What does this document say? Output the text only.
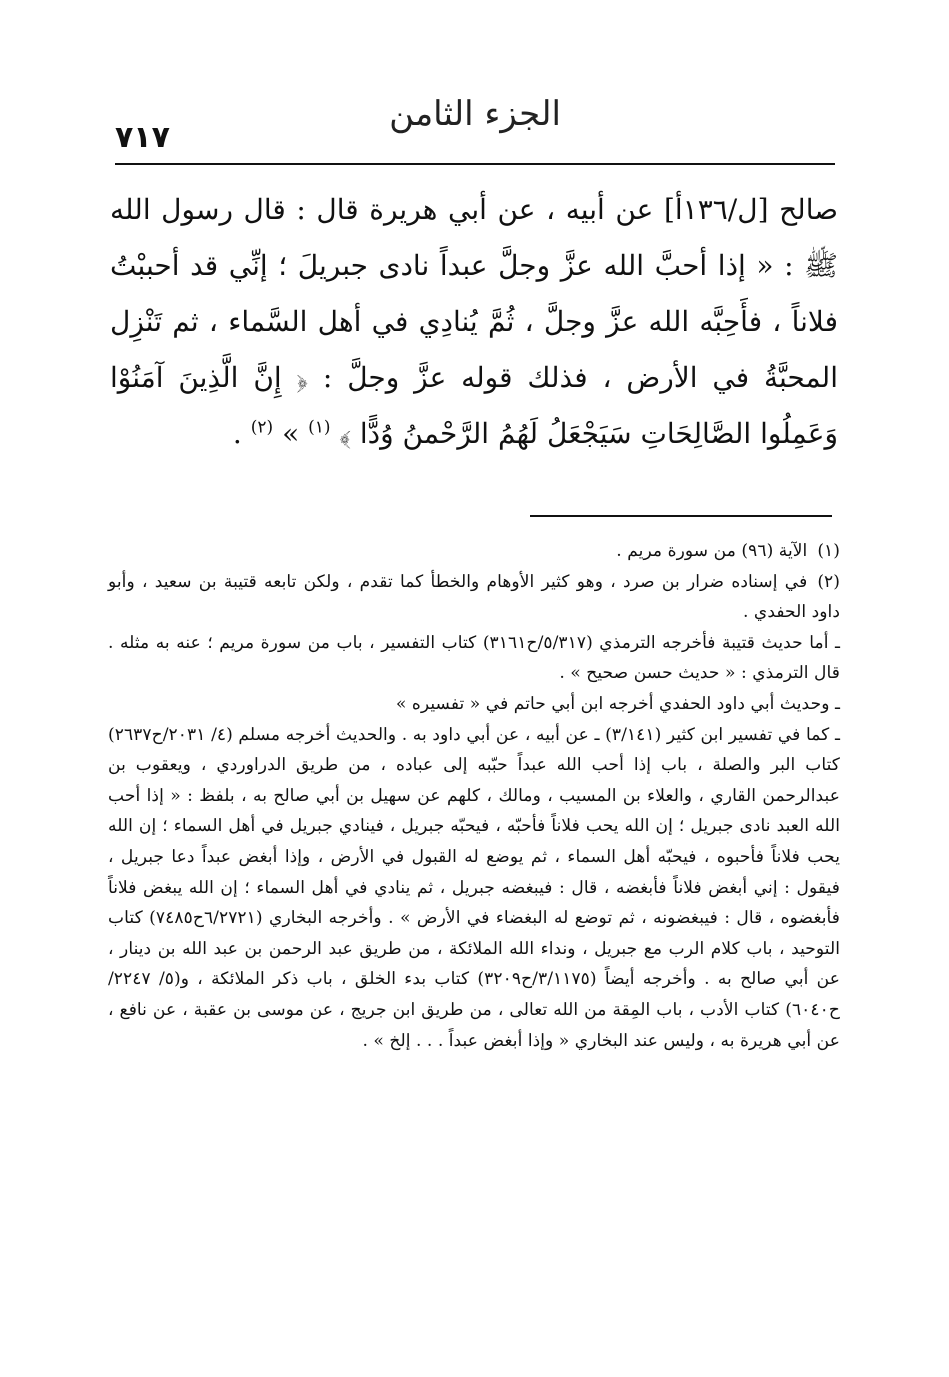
٧١٧
الجزء الثامن
صالح [ل/١٣٦أ] عن أبيه ، عن أبي هريرة قال : قال رسول الله ﷺ : « إذا أحبَّ الله عزَّ وجلَّ عبداً نادى جبريلَ ؛ إنِّي قد أحببْتُ فلاناً ، فأَحِبَّه الله عزَّ وجلَّ ، ثُمَّ يُنادِي في أهل السَّماء ، ثم تَنْزِل المحبَّةُ في الأرض ، فذلك قوله عزَّ وجلَّ : ﴿ إِنَّ الَّذِينَ آمَنُوْا وَعَمِلُوا الصَّالِحَاتِ سَيَجْعَلُ لَهُمُ الرَّحْمنُ وُدًّا ﴾ $^{(١)}$ » $^{(٢)}$ .

(١)الآية (٩٦) من سورة مريم .

(٢)في إسناده ضرار بن صرد ، وهو كثير الأوهام والخطأ كما تقدم ، ولكن تابعه قتيبة بن سعيد ، وأبو داود الحفدي .

ـ أما حديث قتيبة فأخرجه الترمذي (٥/٣١٧/ح٣١٦١) كتاب التفسير ، باب من سورة مريم ؛ عنه به مثله . قال الترمذي : « حديث حسن صحيح » .

ـ وحديث أبي داود الحفدي أخرجه ابن أبي حاتم في « تفسيره »

ـ كما في تفسير ابن كثير (٣/١٤١) ـ عن أبيه ، عن أبي داود به . والحديث أخرجه مسلم (٤/ ٢٠٣١/ح٢٦٣٧) كتاب البر والصلة ، باب إذا أحب الله عبداً حبّبه إلى عباده ، من طريق الدراوردي ، ويعقوب بن عبدالرحمن القاري ، والعلاء بن المسيب ، ومالك ، كلهم عن سهيل بن أبي صالح به ، بلفظ : « إذا أحب الله العبد نادى جبريل ؛ إن الله يحب فلاناً فأحبّه ، فيحبّه جبريل ، فينادي جبريل في أهل السماء ؛ إن الله يحب فلاناً فأحبوه ، فيحبّه أهل السماء ، ثم يوضع له القبول في الأرض ، وإذا أبغض عبداً دعا جبريل ، فيقول : إني أبغض فلاناً فأبغضه ، قال : فيبغضه جبريل ، ثم ينادي في أهل السماء ؛ إن الله يبغض فلاناً فأبغضوه ، قال : فيبغضونه ، ثم توضع له البغضاء في الأرض » . وأخرجه البخاري (٦/٢٧٢١ح٧٤٨٥) كتاب التوحيد ، باب كلام الرب مع جبريل ، ونداء الله الملائكة ، من طريق عبد الرحمن بن عبد الله بن دينار ، عن أبي صالح به . وأخرجه أيضاً (٣/١١٧٥/ح٣٢٠٩) كتاب بدء الخلق ، باب ذكر الملائكة ، و(٥/ ٢٢٤٧/ح٦٠٤٠) كتاب الأدب ، باب المِقة من الله تعالى ، من طريق ابن جريج ، عن موسى بن عقبة ، عن نافع ، عن أبي هريرة به ، وليس عند البخاري « وإذا أبغض عبداً . . . إلخ » .
